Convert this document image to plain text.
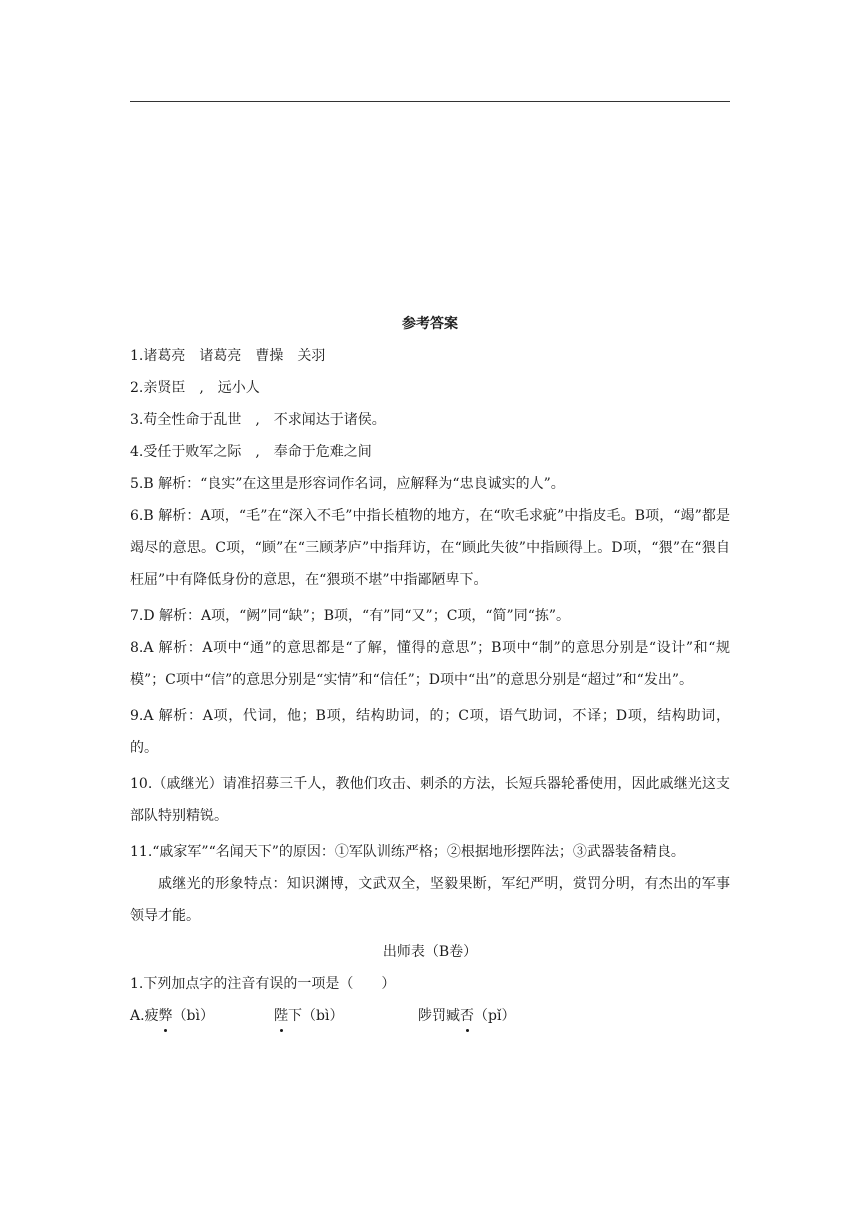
参考答案
1.诸葛亮　诸葛亮　曹操　关羽
2.亲贤臣　,　远小人
3.苟全性命于乱世　,　不求闻达于诸侯。
4.受任于败军之际　,　奉命于危难之间
5.B 解析：“良实”在这里是形容词作名词，应解释为“忠良诚实的人”。
6.B 解析：A项，“毛”在“深入不毛”中指长植物的地方，在“吹毛求疵”中指皮毛。B项，“竭”都是竭尽的意思。C项，“顾”在“三顾茅庐”中指拜访，在“顾此失彼”中指顾得上。D项，“猥”在“猥自枉屈”中有降低身份的意思，在“猥琐不堪”中指鄙陋卑下。
7.D 解析：A项，“阙”同“缺”；B项，“有”同“又”；C项，“简”同“拣”。
8.A 解析：A项中“通”的意思都是“了解，懂得的意思”；B项中“制”的意思分别是“设计”和“规模”；C项中“信”的意思分别是“实情”和“信任”；D项中“出”的意思分别是“超过”和“发出”。
9.A 解析：A项，代词，他；B项，结构助词，的；C项，语气助词，不译；D项，结构助词，的。
10.（戚继光）请准招募三千人，教他们攻击、刺杀的方法，长短兵器轮番使用，因此戚继光这支部队特别精锐。
11.“戚家军”“名闻天下”的原因：①军队训练严格；②根据地形摆阵法；③武器装备精良。
戚继光的形象特点：知识渊博，文武双全，坚毅果断，军纪严明，赏罚分明，有杰出的军事领导才能。
出师表（B卷）
1.下列加点字的注音有误的一项是（　　）
A.疲弊（bì）	陛下（bì）	陟罚臧否（pǐ）
